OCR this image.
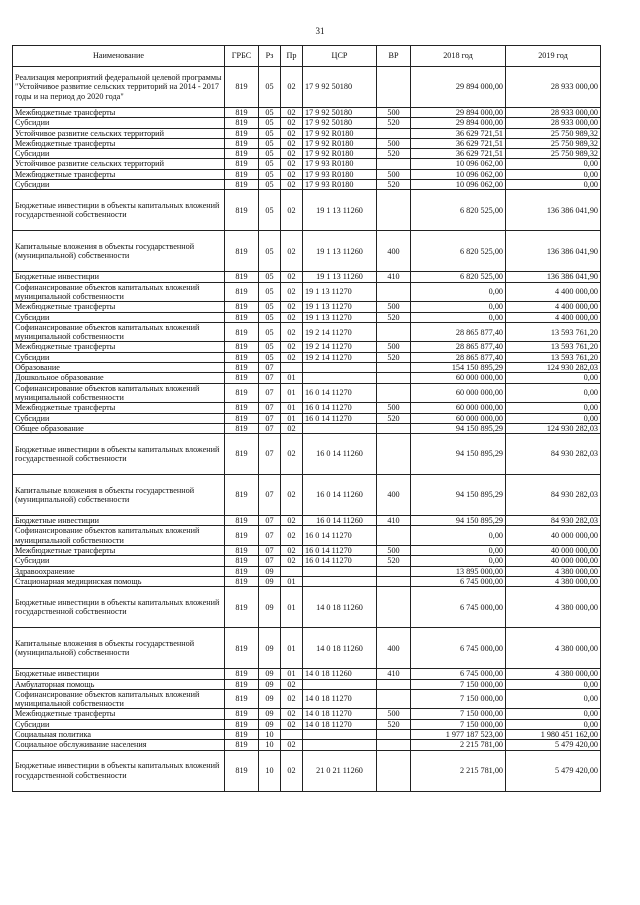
31
Наименование	ГРБС	Рз	Пр	ЦСР	ВР	2018 год	2019 год
Реализация мероприятий федеральной целевой программы "Устойчивое развитие сельских территорий на 2014 - 2017 годы и на период до 2020 года"	819	05	02	17 9 92 50180		29 894 000,00	28 933 000,00
Межбюджетные трансферты	819	05	02	17 9 92 50180	500	29 894 000,00	28 933 000,00
Субсидии	819	05	02	17 9 92 50180	520	29 894 000,00	28 933 000,00
Устойчивое развитие сельских территорий	819	05	02	17 9 92 R0180		36 629 721,51	25 750 989,32
Межбюджетные трансферты	819	05	02	17 9 92 R0180	500	36 629 721,51	25 750 989,32
Субсидии	819	05	02	17 9 92 R0180	520	36 629 721,51	25 750 989,32
Устойчивое развитие сельских территорий	819	05	02	17 9 93 R0180		10 096 062,00	0,00
Межбюджетные трансферты	819	05	02	17 9 93 R0180	500	10 096 062,00	0,00
Субсидии	819	05	02	17 9 93 R0180	520	10 096 062,00	0,00
Бюджетные инвестиции в объекты капитальных вложений государственной собственности	819	05	02	19 1 13 11260		6 820 525,00	136 386 041,90
Капитальные вложения в объекты государственной (муниципальной) собственности	819	05	02	19 1 13 11260	400	6 820 525,00	136 386 041,90
Бюджетные инвестиции	819	05	02	19 1 13 11260	410	6 820 525,00	136 386 041,90
Софинансирование объектов капитальных вложений муниципальной собственности	819	05	02	19 1 13 11270		0,00	4 400 000,00
Межбюджетные трансферты	819	05	02	19 1 13 11270	500	0,00	4 400 000,00
Субсидии	819	05	02	19 1 13 11270	520	0,00	4 400 000,00
Софинансирование объектов капитальных вложений муниципальной собственности	819	05	02	19 2 14 11270		28 865 877,40	13 593 761,20
Межбюджетные трансферты	819	05	02	19 2 14 11270	500	28 865 877,40	13 593 761,20
Субсидии	819	05	02	19 2 14 11270	520	28 865 877,40	13 593 761,20
Образование	819	07				154 150 895,29	124 930 282,03
Дошкольное образование	819	07	01			60 000 000,00	0,00
Софинансирование объектов капитальных вложений муниципальной собственности	819	07	01	16 0 14 11270		60 000 000,00	0,00
Межбюджетные трансферты	819	07	01	16 0 14 11270	500	60 000 000,00	0,00
Субсидии	819	07	01	16 0 14 11270	520	60 000 000,00	0,00
Общее образование	819	07	02			94 150 895,29	124 930 282,03
Бюджетные инвестиции в объекты капитальных вложений государственной собственности	819	07	02	16 0 14 11260		94 150 895,29	84 930 282,03
Капитальные вложения в объекты государственной (муниципальной) собственности	819	07	02	16 0 14 11260	400	94 150 895,29	84 930 282,03
Бюджетные инвестиции	819	07	02	16 0 14 11260	410	94 150 895,29	84 930 282,03
Софинансирование объектов капитальных вложений муниципальной собственности	819	07	02	16 0 14 11270		0,00	40 000 000,00
Межбюджетные трансферты	819	07	02	16 0 14 11270	500	0,00	40 000 000,00
Субсидии	819	07	02	16 0 14 11270	520	0,00	40 000 000,00
Здравоохранение	819	09				13 895 000,00	4 380 000,00
Стационарная медицинская помощь	819	09	01			6 745 000,00	4 380 000,00
Бюджетные инвестиции в объекты капитальных вложений государственной собственности	819	09	01	14 0 18 11260		6 745 000,00	4 380 000,00
Капитальные вложения в объекты государственной (муниципальной) собственности	819	09	01	14 0 18 11260	400	6 745 000,00	4 380 000,00
Бюджетные инвестиции	819	09	01	14 0 18 11260	410	6 745 000,00	4 380 000,00
Амбулаторная помощь	819	09	02			7 150 000,00	0,00
Софинансирование объектов капитальных вложений муниципальной собственности	819	09	02	14 0 18 11270		7 150 000,00	0,00
Межбюджетные трансферты	819	09	02	14 0 18 11270	500	7 150 000,00	0,00
Субсидии	819	09	02	14 0 18 11270	520	7 150 000,00	0,00
Социальная политика	819	10				1 977 187 523,00	1 980 451 162,00
Социальное обслуживание населения	819	10	02			2 215 781,00	5 479 420,00
Бюджетные инвестиции в объекты капитальных вложений государственной собственности	819	10	02	21 0 21 11260		2 215 781,00	5 479 420,00
